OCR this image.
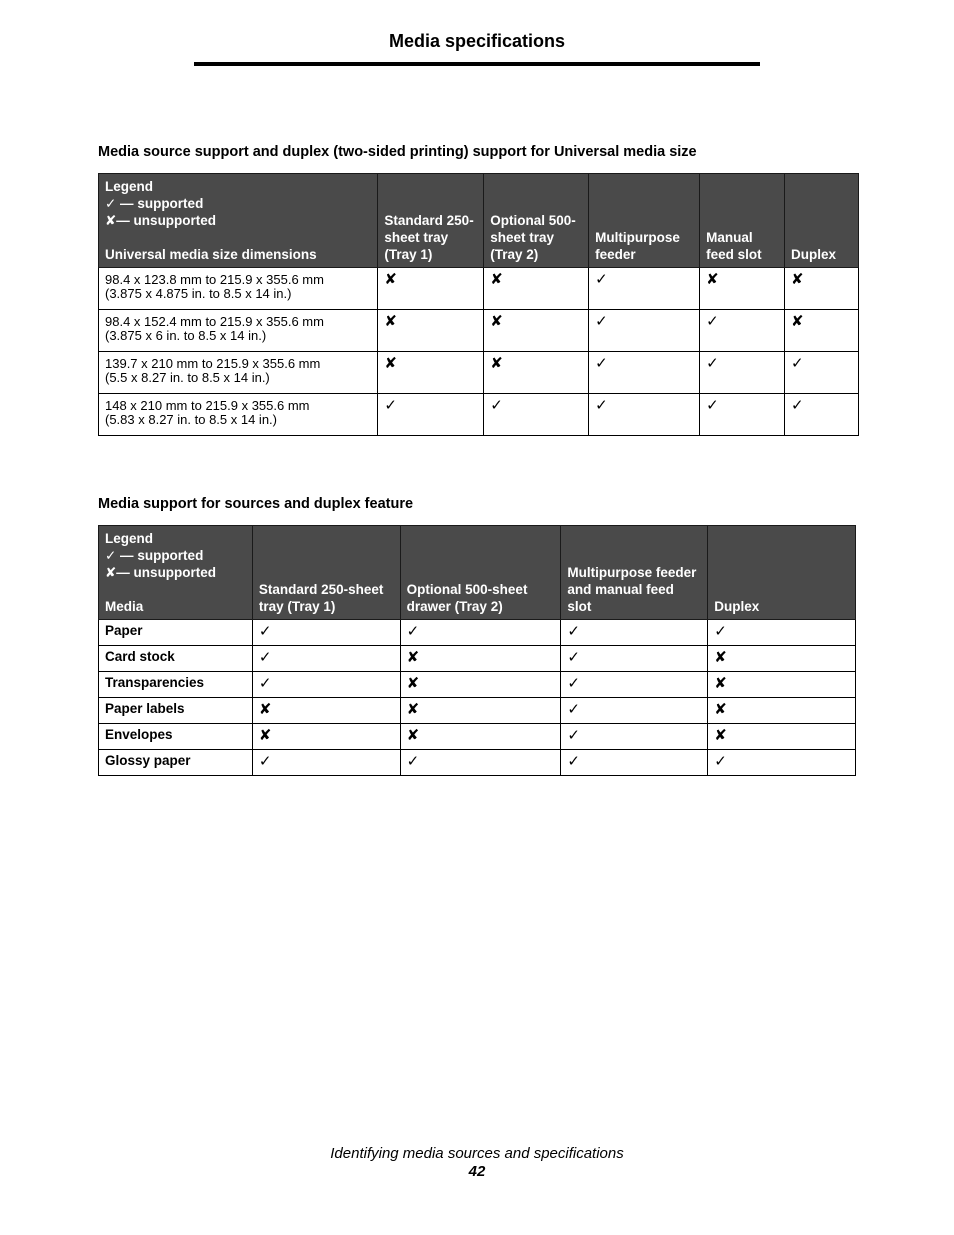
Media specifications
Media source support and duplex (two-sided printing) support for Universal media size
Legend
✓ — supported
✘— unsupported
Universal media size dimensions	Standard 250-sheet tray (Tray 1)	Optional 500-sheet tray (Tray 2)	Multipurpose feeder	Manual feed slot	Duplex

98.4 x 123.8 mm to 215.9 x 355.6 mm
(3.875 x 4.875 in. to 8.5 x 14 in.)	✘	✘	✓	✘	✘

98.4 x 152.4 mm to 215.9 x 355.6 mm
(3.875 x 6 in. to 8.5 x 14 in.)	✘	✘	✓	✓	✘

139.7 x 210 mm to 215.9 x 355.6 mm
(5.5 x 8.27 in. to 8.5 x 14 in.)	✘	✘	✓	✓	✓

148 x 210 mm to 215.9 x 355.6 mm
(5.83 x 8.27 in. to 8.5 x 14 in.)	✓	✓	✓	✓	✓
Media support for sources and duplex feature
Legend
✓ — supported
✘— unsupported
Media	Standard 250-sheet tray (Tray 1)	Optional 500-sheet drawer (Tray 2)	Multipurpose feeder and manual feed slot	Duplex
Paper	✓	✓	✓	✓
Card stock	✓	✘	✓	✘
Transparencies	✓	✘	✓	✘
Paper labels	✘	✘	✓	✘
Envelopes	✘	✘	✓	✘
Glossy paper	✓	✓	✓	✓
Identifying media sources and specifications
42
